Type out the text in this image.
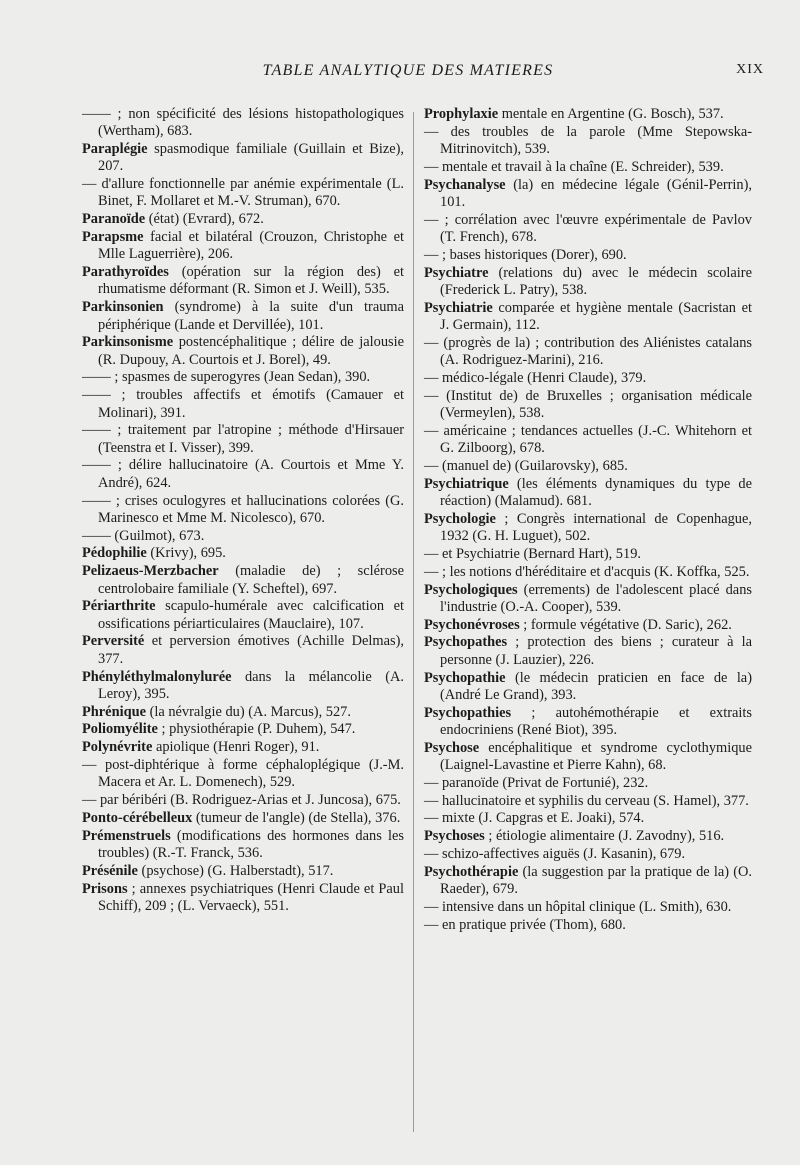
TABLE ANALYTIQUE DES MATIERES	XIX

—— ; non spécificité des lésions histopathologiques (Wertham), 683.

Paraplégie spasmodique familiale (Guillain et Bize), 207.

— d'allure fonctionnelle par anémie expérimentale (L. Binet, F. Mollaret et M.-V. Struman), 670.

Paranoïde (état) (Evrard), 672.

Parapsme facial et bilatéral (Crouzon, Christophe et Mlle Laguerrière), 206.

Parathyroïdes (opération sur la région des) et rhumatisme déformant (R. Simon et J. Weill), 535.

Parkinsonien (syndrome) à la suite d'un trauma périphérique (Lande et Dervillée), 101.

Parkinsonisme postencéphalitique ; délire de jalousie (R. Dupouy, A. Courtois et J. Borel), 49.

—— ; spasmes de superogyres (Jean Sedan), 390.

—— ; troubles affectifs et émotifs (Camauer et Molinari), 391.

—— ; traitement par l'atropine ; méthode d'Hirsauer (Teenstra et I. Visser), 399.

—— ; délire hallucinatoire (A. Courtois et Mme Y. André), 624.

—— ; crises oculogyres et hallucinations colorées (G. Marinesco et Mme M. Nicolesco), 670.

—— (Guilmot), 673.

Pédophilie (Krivy), 695.

Pelizaeus-Merzbacher (maladie de) ; sclérose centrolobaire familiale (Y. Scheftel), 697.

Périarthrite scapulo-humérale avec calcification et ossifications périarticulaires (Mauclaire), 107.

Perversité et perversion émotives (Achille Delmas), 377.

Phényléthylmalonylurée dans la mélancolie (A. Leroy), 395.

Phrénique (la névralgie du) (A. Marcus), 527.

Poliomyélite ; physiothérapie (P. Duhem), 547.

Polynévrite apiolique (Henri Roger), 91.

— post-diphtérique à forme céphaloplégique (J.-M. Macera et Ar. L. Domenech), 529.

— par béribéri (B. Rodriguez-Arias et J. Juncosa), 675.

Ponto-cérébelleux (tumeur de l'angle) (de Stella), 376.

Prémenstruels (modifications des hormones dans les troubles) (R.-T. Franck, 536.

Présénile (psychose) (G. Halberstadt), 517.

Prisons ; annexes psychiatriques (Henri Claude et Paul Schiff), 209 ; (L. Vervaeck), 551.

Prophylaxie mentale en Argentine (G. Bosch), 537.

— des troubles de la parole (Mme Stepowska-Mitrinovitch), 539.

— mentale et travail à la chaîne (E. Schreider), 539.

Psychanalyse (la) en médecine légale (Génil-Perrin), 101.

— ; corrélation avec l'œuvre expérimentale de Pavlov (T. French), 678.

— ; bases historiques (Dorer), 690.

Psychiatre (relations du) avec le médecin scolaire (Frederick L. Patry), 538.

Psychiatrie comparée et hygiène mentale (Sacristan et J. Germain), 112.

— (progrès de la) ; contribution des Aliénistes catalans (A. Rodriguez-Marini), 216.

— médico-légale (Henri Claude), 379.

— (Institut de) de Bruxelles ; organisation médicale (Vermeylen), 538.

— américaine ; tendances actuelles (J.-C. Whitehorn et G. Zilboorg), 678.

— (manuel de) (Guilarovsky), 685.

Psychiatrique (les éléments dynamiques du type de réaction) (Malamud). 681.

Psychologie ; Congrès international de Copenhague, 1932 (G. H. Luguet), 502.

— et Psychiatrie (Bernard Hart), 519.

— ; les notions d'héréditaire et d'acquis (K. Koffka, 525.

Psychologiques (errements) de l'adolescent placé dans l'industrie (O.-A. Cooper), 539.

Psychonévroses ; formule végétative (D. Saric), 262.

Psychopathes ; protection des biens ; curateur à la personne (J. Lauzier), 226.

Psychopathie (le médecin praticien en face de la) (André Le Grand), 393.

Psychopathies ; autohémothérapie et extraits endocriniens (René Biot), 395.

Psychose encéphalitique et syndrome cyclothymique (Laignel-Lavastine et Pierre Kahn), 68.

— paranoïde (Privat de Fortunié), 232.

— hallucinatoire et syphilis du cerveau (S. Hamel), 377.

— mixte (J. Capgras et E. Joaki), 574.

Psychoses ; étiologie alimentaire (J. Zavodny), 516.

— schizo-affectives aiguës (J. Kasanin), 679.

Psychothérapie (la suggestion par la pratique de la) (O. Raeder), 679.

— intensive dans un hôpital clinique (L. Smith), 630.

— en pratique privée (Thom), 680.
